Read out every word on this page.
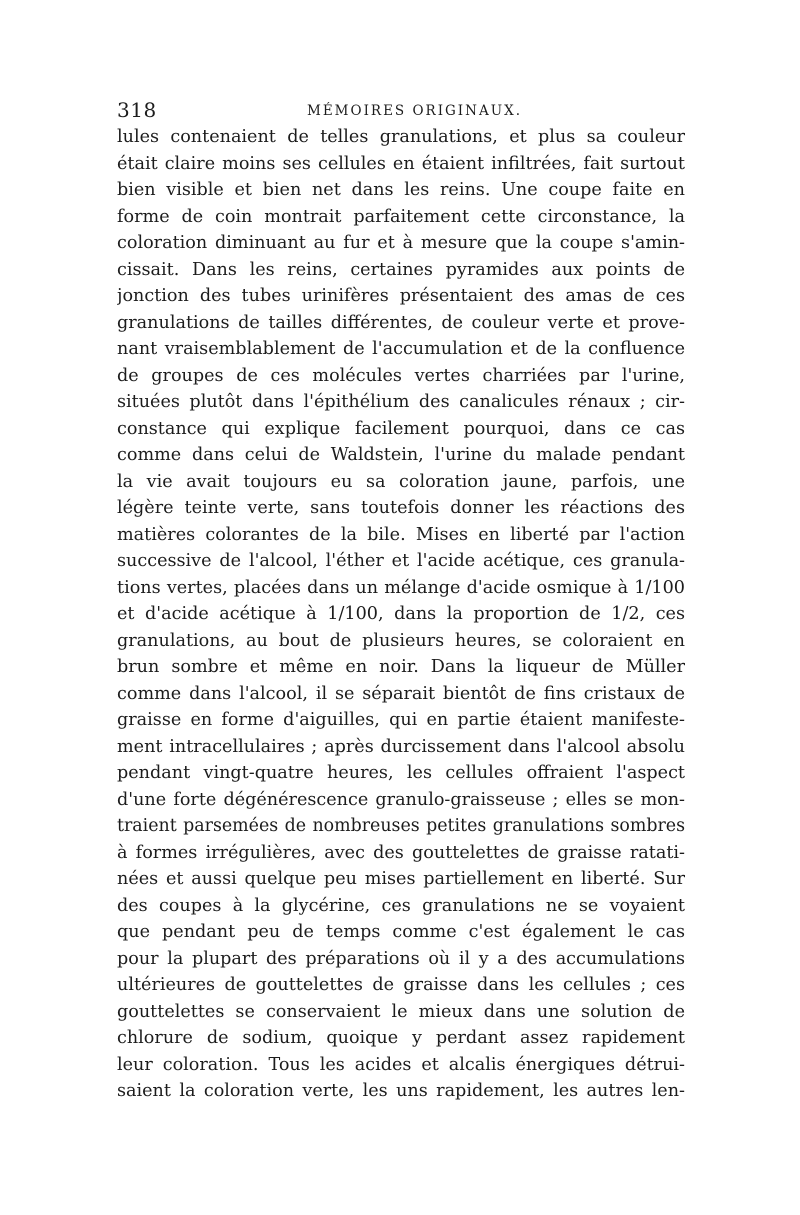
318	MÉMOIRES ORIGINAUX.
lules contenaient de telles granulations, et plus sa couleur
était claire moins ses cellules en étaient infiltrées, fait surtout
bien visible et bien net dans les reins. Une coupe faite en
forme de coin montrait parfaitement cette circonstance, la
coloration diminuant au fur et à mesure que la coupe s'amin-
cissait. Dans les reins, certaines pyramides aux points de
jonction des tubes urinifères présentaient des amas de ces
granulations de tailles différentes, de couleur verte et prove-
nant vraisemblablement de l'accumulation et de la confluence
de groupes de ces molécules vertes charriées par l'urine,
situées plutôt dans l'épithélium des canalicules rénaux ; cir-
constance qui explique facilement pourquoi, dans ce cas
comme dans celui de Waldstein, l'urine du malade pendant
la vie avait toujours eu sa coloration jaune, parfois, une
légère teinte verte, sans toutefois donner les réactions des
matières colorantes de la bile. Mises en liberté par l'action
successive de l'alcool, l'éther et l'acide acétique, ces granula-
tions vertes, placées dans un mélange d'acide osmique à 1/100
et d'acide acétique à 1/100, dans la proportion de 1/2, ces
granulations, au bout de plusieurs heures, se coloraient en
brun sombre et même en noir. Dans la liqueur de Müller
comme dans l'alcool, il se séparait bientôt de fins cristaux de
graisse en forme d'aiguilles, qui en partie étaient manifeste-
ment intracellulaires ; après durcissement dans l'alcool absolu
pendant vingt-quatre heures, les cellules offraient l'aspect
d'une forte dégénérescence granulo-graisseuse ; elles se mon-
traient parsemées de nombreuses petites granulations sombres
à formes irrégulières, avec des gouttelettes de graisse ratati-
nées et aussi quelque peu mises partiellement en liberté. Sur
des coupes à la glycérine, ces granulations ne se voyaient
que pendant peu de temps comme c'est également le cas
pour la plupart des préparations où il y a des accumulations
ultérieures de gouttelettes de graisse dans les cellules ; ces
gouttelettes se conservaient le mieux dans une solution de
chlorure de sodium, quoique y perdant assez rapidement
leur coloration. Tous les acides et alcalis énergiques détrui-
saient la coloration verte, les uns rapidement, les autres len-
